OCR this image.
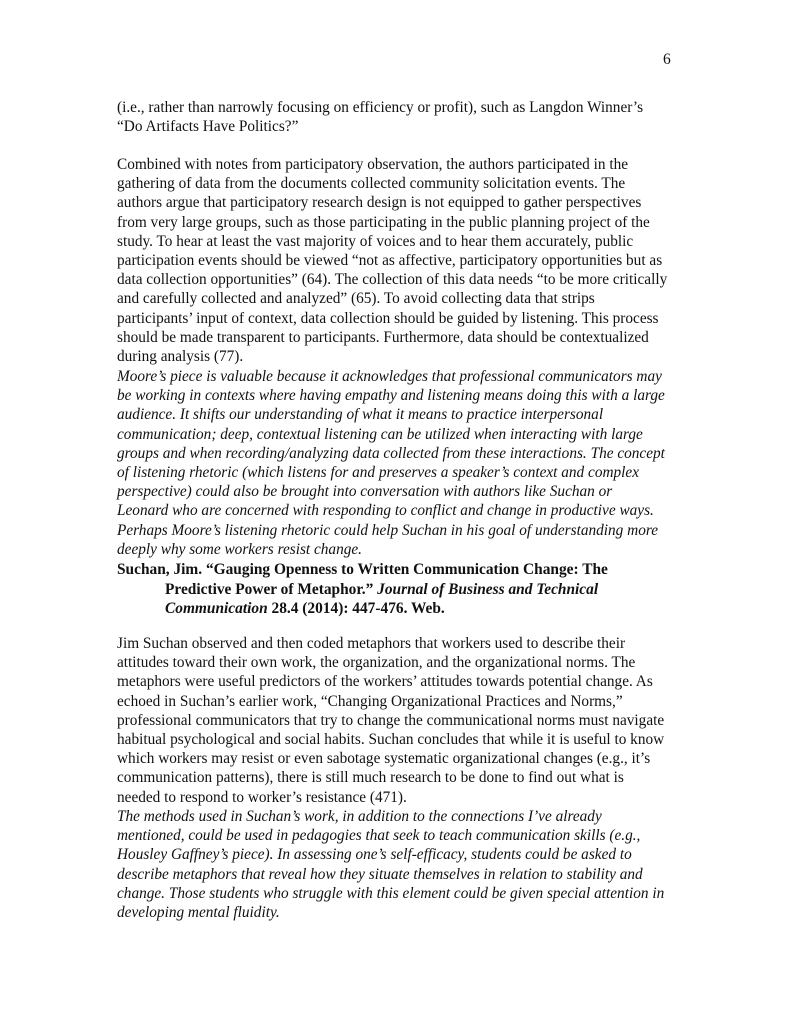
6
(i.e., rather than narrowly focusing on efficiency or profit), such as Langdon Winner’s
“Do Artifacts Have Politics?”
Combined with notes from participatory observation, the authors participated in the
gathering of data from the documents collected community solicitation events. The
authors argue that participatory research design is not equipped to gather perspectives
from very large groups, such as those participating in the public planning project of the
study. To hear at least the vast majority of voices and to hear them accurately, public
participation events should be viewed “not as affective, participatory opportunities but as
data collection opportunities” (64). The collection of this data needs “to be more critically
and carefully collected and analyzed” (65). To avoid collecting data that strips
participants’ input of context, data collection should be guided by listening. This process
should be made transparent to participants. Furthermore, data should be contextualized
during analysis (77).
Moore’s piece is valuable because it acknowledges that professional communicators may
be working in contexts where having empathy and listening means doing this with a large
audience. It shifts our understanding of what it means to practice interpersonal
communication; deep, contextual listening can be utilized when interacting with large
groups and when recording/analyzing data collected from these interactions. The concept
of listening rhetoric (which listens for and preserves a speaker’s context and complex
perspective) could also be brought into conversation with authors like Suchan or
Leonard who are concerned with responding to conflict and change in productive ways.
Perhaps Moore’s listening rhetoric could help Suchan in his goal of understanding more
deeply why some workers resist change.
Suchan, Jim. “Gauging Openness to Written Communication Change: The
Predictive Power of Metaphor.” Journal of Business and Technical
Communication 28.4 (2014): 447-476. Web.
Jim Suchan observed and then coded metaphors that workers used to describe their
attitudes toward their own work, the organization, and the organizational norms. The
metaphors were useful predictors of the workers’ attitudes towards potential change. As
echoed in Suchan’s earlier work, “Changing Organizational Practices and Norms,”
professional communicators that try to change the communicational norms must navigate
habitual psychological and social habits. Suchan concludes that while it is useful to know
which workers may resist or even sabotage systematic organizational changes (e.g., it’s
communication patterns), there is still much research to be done to find out what is
needed to respond to worker’s resistance (471).
The methods used in Suchan’s work, in addition to the connections I’ve already
mentioned, could be used in pedagogies that seek to teach communication skills (e.g.,
Housley Gaffney’s piece). In assessing one’s self-efficacy, students could be asked to
describe metaphors that reveal how they situate themselves in relation to stability and
change. Those students who struggle with this element could be given special attention in
developing mental fluidity.
